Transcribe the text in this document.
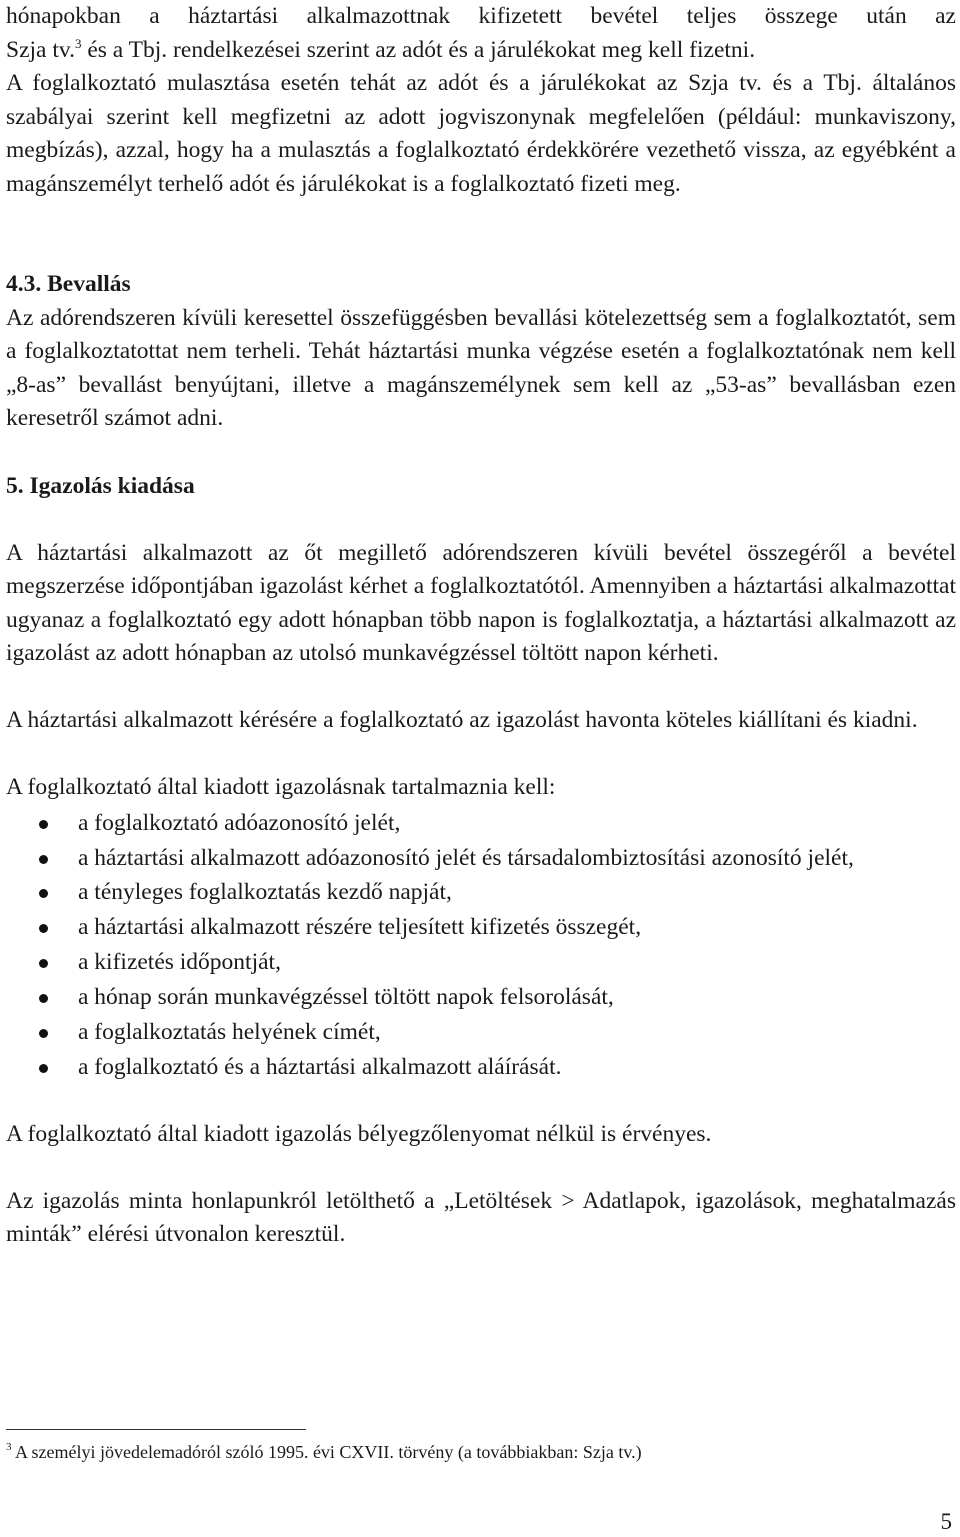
hónapokban a háztartási alkalmazottnak kifizetett bevétel teljes összege után az

Szja tv.$^3$ és a Tbj. rendelkezései szerint az adót és a járulékokat meg kell fizetni.

A foglalkoztató mulasztása esetén tehát az adót és a járulékokat az Szja tv. és a Tbj. általános szabályai szerint kell megfizetni az adott jogviszonynak megfelelően (például: munkaviszony, megbízás), azzal, hogy ha a mulasztás a foglalkoztató érdekkörére vezethető vissza, az egyébként a magánszemélyt terhelő adót és járulékokat is a foglalkoztató fizeti meg.

4.3. Bevallás

Az adórendszeren kívüli keresettel összefüggésben bevallási kötelezettség sem a foglalkoztatót, sem a foglalkoztatottat nem terheli. Tehát háztartási munka végzése esetén a foglalkoztatónak nem kell „8-as” bevallást benyújtani, illetve a magánszemélynek sem kell az „53-as” bevallásban ezen keresetről számot adni.

5. Igazolás kiadása

A háztartási alkalmazott az őt megillető adórendszeren kívüli bevétel összegéről a bevétel megszerzése időpontjában igazolást kérhet a foglalkoztatótól. Amennyiben a háztartási alkalmazottat ugyanaz a foglalkoztató egy adott hónapban több napon is foglalkoztatja, a háztartási alkalmazott az igazolást az adott hónapban az utolsó munkavégzéssel töltött napon kérheti.

A háztartási alkalmazott kérésére a foglalkoztató az igazolást havonta köteles kiállítani és kiadni.

A foglalkoztató által kiadott igazolásnak tartalmaznia kell:

a foglalkoztató adóazonosító jelét,
a háztartási alkalmazott adóazonosító jelét és társadalombiztosítási azonosító jelét,
a tényleges foglalkoztatás kezdő napját,
a háztartási alkalmazott részére teljesített kifizetés összegét,
a kifizetés időpontját,
a hónap során munkavégzéssel töltött napok felsorolását,
a foglalkoztatás helyének címét,
a foglalkoztató és a háztartási alkalmazott aláírását.

A foglalkoztató által kiadott igazolás bélyegzőlenyomat nélkül is érvényes.

Az igazolás minta honlapunkról letölthető a „Letöltések > Adatlapok, igazolások, meghatalmazás minták” elérési útvonalon keresztül.

$^3$ A személyi jövedelemadóról szóló 1995. évi CXVII. törvény (a továbbiakban: Szja tv.)
5
